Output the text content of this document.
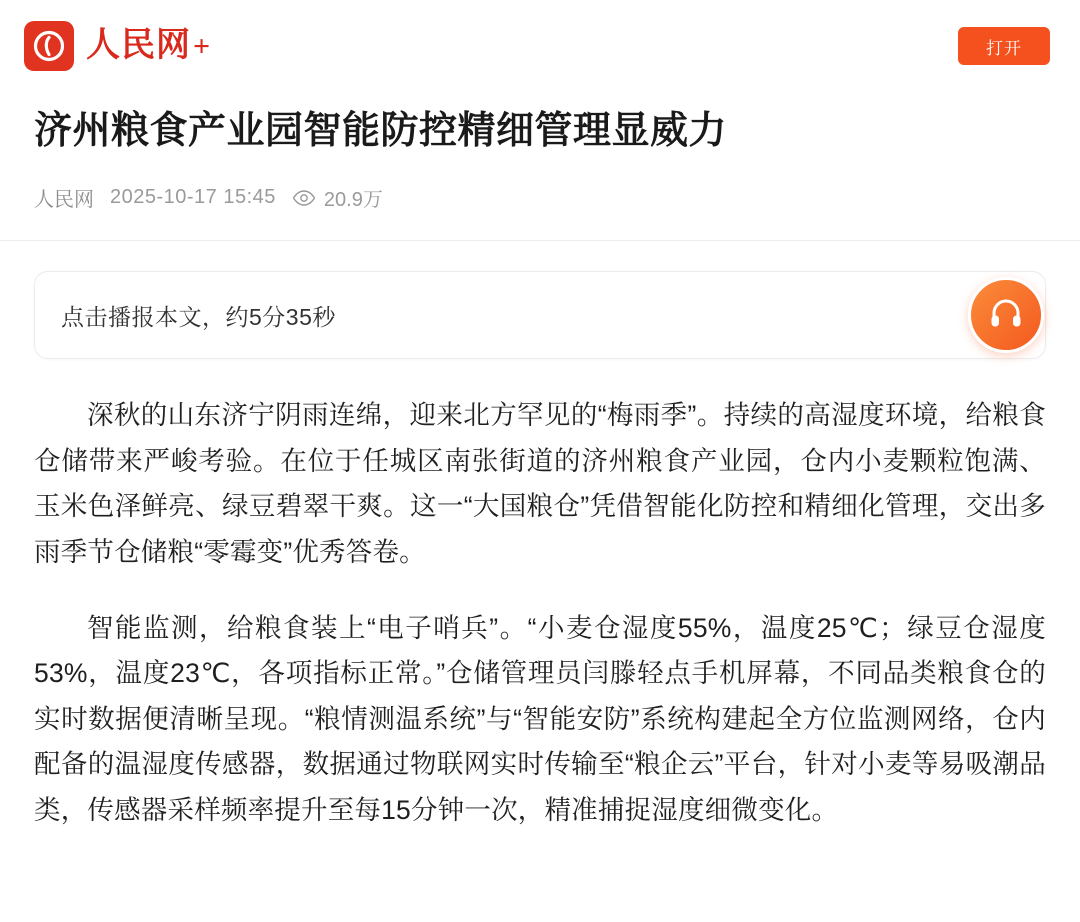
人民网 +	打开
济州粮食产业园智能防控精细管理显威力
人民网 2025-10-17 15:45 20.9万
点击播报本文，约5分35秒

深秋的山东济宁阴雨连绵，迎来北方罕见的“梅雨季”。持续的高湿度环境，给粮食仓储带来严峻考验。在位于任城区南张街道的济州粮食产业园，仓内小麦颗粒饱满、玉米色泽鲜亮、绿豆碧翠干爽。这一“大国粮仓”凭借智能化防控和精细化管理，交出多雨季节仓储粮“零霉变”优秀答卷。

智能监测，给粮食装上“电子哨兵”。“小麦仓湿度55%，温度25℃；绿豆仓湿度53%，温度23℃，各项指标正常。”仓储管理员闫滕轻点手机屏幕，不同品类粮食仓的实时数据便清晰呈现。“粮情测温系统”与“智能安防”系统构建起全方位监测网络，仓内配备的温湿度传感器，数据通过物联网实时传输至“粮企云”平台，针对小麦等易吸潮品类，传感器采样频率提升至每15分钟一次，精准捕捉湿度细微变化。
